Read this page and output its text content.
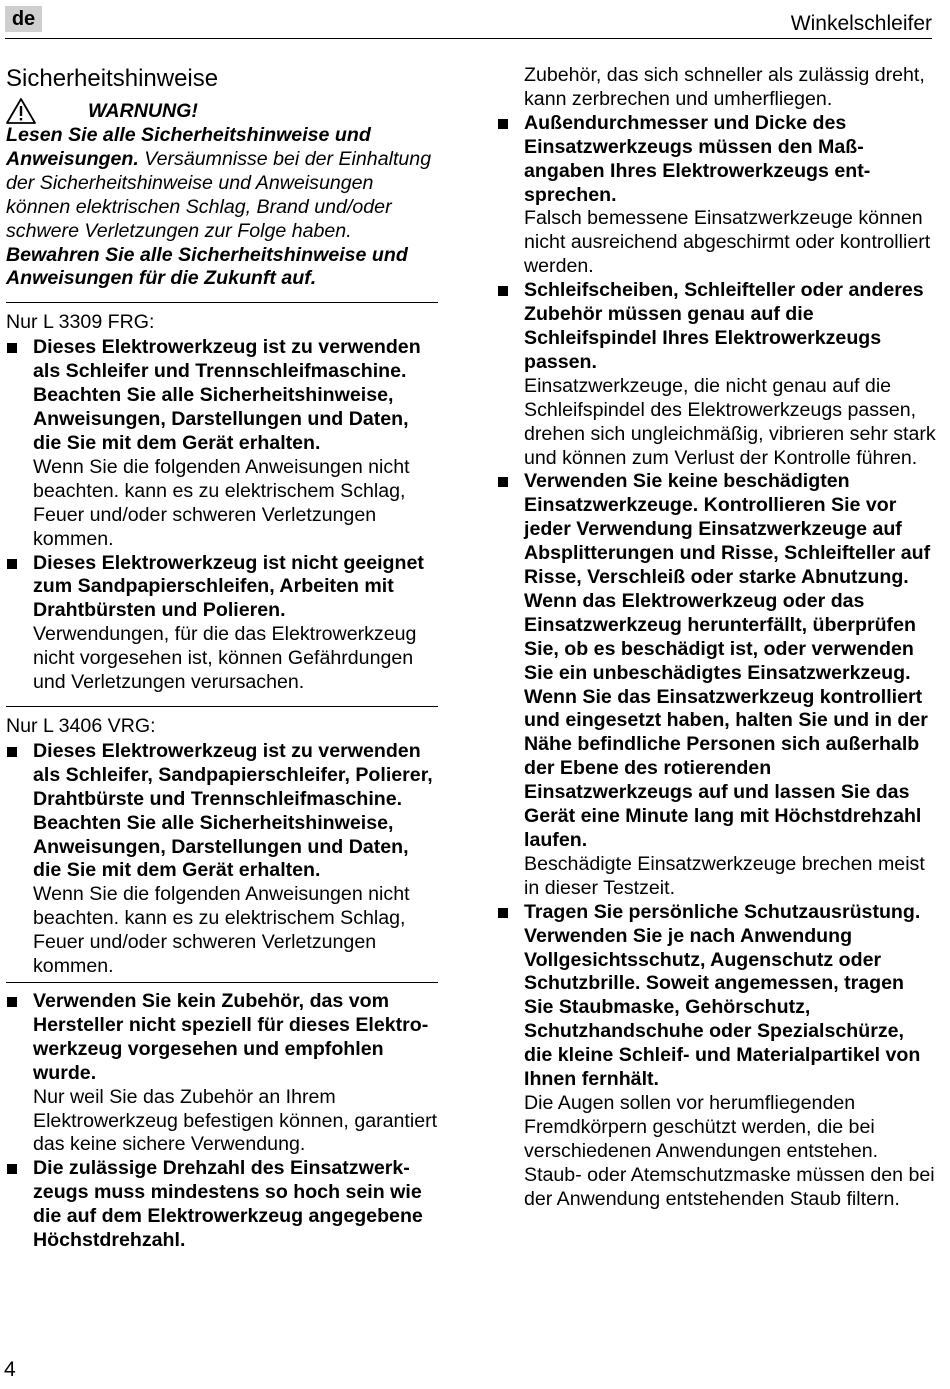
de	Winkelschleifer
Sicherheitshinweise
WARNUNG!

Lesen Sie alle Sicherheitshinweise und Anweisungen. Versäumnisse bei der Einhaltung der Sicherheitshinweise und Anweisungen können elektrischen Schlag, Brand und/oder schwere Verletzungen zur Folge haben. Bewahren Sie alle Sicherheitshinweise und Anweisungen für die Zukunft auf.

Nur L 3309 FRG:

Dieses Elektrowerkzeug ist zu verwenden als Schleifer und Trennschleifmaschine. Beachten Sie alle Sicherheitshinweise, Anweisungen, Darstellungen und Daten, die Sie mit dem Gerät erhalten.

Wenn Sie die folgenden Anweisungen nicht beachten. kann es zu elektrischem Schlag, Feuer und/oder schweren Verletzungen kommen.

Dieses Elektrowerkzeug ist nicht geeignet zum Sandpapierschleifen, Arbeiten mit Drahtbürsten und Polieren.

Verwendungen, für die das Elektrowerkzeug nicht vorgesehen ist, können Gefährdungen und Verletzungen verursachen.

Nur L 3406 VRG:

Dieses Elektrowerkzeug ist zu verwenden als Schleifer, Sandpapierschleifer, Polierer, Drahtbürste und Trennschleifmaschine. Beachten Sie alle Sicherheitshinweise, Anweisungen, Darstellungen und Daten, die Sie mit dem Gerät erhalten.

Wenn Sie die folgenden Anweisungen nicht beachten. kann es zu elektrischem Schlag, Feuer und/oder schweren Verletzungen kommen.

Verwenden Sie kein Zubehör, das vom Hersteller nicht speziell für dieses Elektrowerkzeug vorgesehen und empfohlen wurde.

Nur weil Sie das Zubehör an Ihrem Elektrowerkzeug befestigen können, garantiert das keine sichere Verwendung.

Die zulässige Drehzahl des Einsatzwerkzeugs muss mindestens so hoch sein wie die auf dem Elektrowerkzeug angegebene Höchstdrehzahl.

Zubehör, das sich schneller als zulässig dreht, kann zerbrechen und umherfliegen.

Außendurchmesser und Dicke des Einsatzwerkzeugs müssen den Maßangaben Ihres Elektrowerkzeugs entsprechen.

Falsch bemessene Einsatzwerkzeuge können nicht ausreichend abgeschirmt oder kontrolliert werden.

Schleifscheiben, Schleifteller oder anderes Zubehör müssen genau auf die Schleifspindel Ihres Elektrowerkzeugs passen.

Einsatzwerkzeuge, die nicht genau auf die Schleifspindel des Elektrowerkzeugs passen, drehen sich ungleichmäßig, vibrieren sehr stark und können zum Verlust der Kontrolle führen.

Verwenden Sie keine beschädigten Einsatzwerkzeuge. Kontrollieren Sie vor jeder Verwendung Einsatzwerkzeuge auf Absplitterungen und Risse, Schleifteller auf Risse, Verschleiß oder starke Abnutzung. Wenn das Elektrowerkzeug oder das Einsatzwerkzeug herunterfällt, überprüfen Sie, ob es beschädigt ist, oder verwenden Sie ein unbeschädigtes Einsatzwerkzeug. Wenn Sie das Einsatzwerkzeug kontrolliert und eingesetzt haben, halten Sie und in der Nähe befindliche Personen sich außerhalb der Ebene des rotierenden Einsatzwerkzeugs auf und lassen Sie das Gerät eine Minute lang mit Höchstdrehzahl laufen.

Beschädigte Einsatzwerkzeuge brechen meist in dieser Testzeit.

Tragen Sie persönliche Schutzausrüstung. Verwenden Sie je nach Anwendung Vollgesichtsschutz, Augenschutz oder Schutzbrille. Soweit angemessen, tragen Sie Staubmaske, Gehörschutz, Schutzhandschuhe oder Spezialschürze, die kleine Schleif- und Materialpartikel von Ihnen fernhält.

Die Augen sollen vor herumfliegenden Fremdkörpern geschützt werden, die bei verschiedenen Anwendungen entstehen. Staub- oder Atemschutzmaske müssen den bei der Anwendung entstehenden Staub filtern.

4
